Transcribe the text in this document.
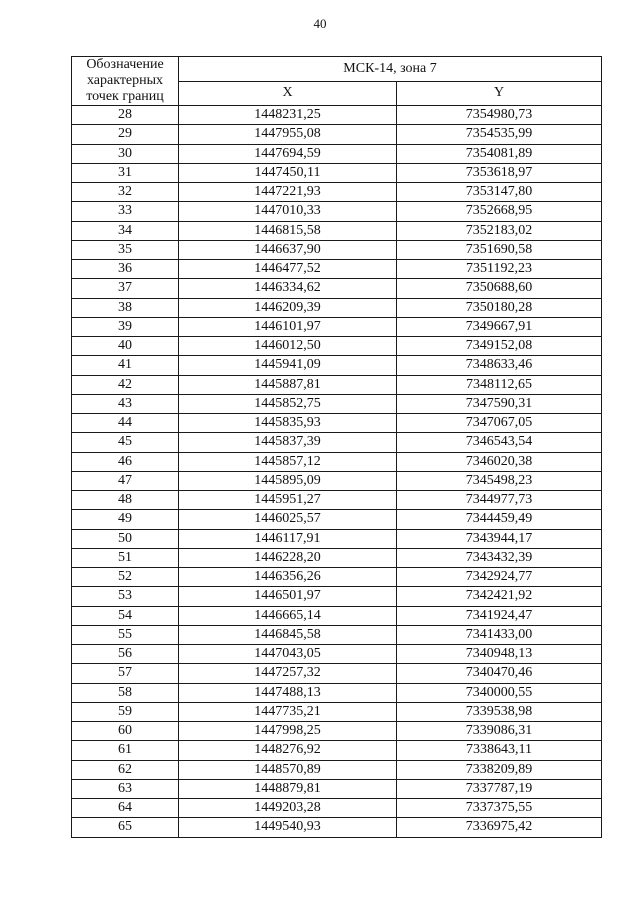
40
Обозначение характерных точек границ	МСК-14, зона 7	
	X	Y
28	1448231,25	7354980,73
29	1447955,08	7354535,99
30	1447694,59	7354081,89
31	1447450,11	7353618,97
32	1447221,93	7353147,80
33	1447010,33	7352668,95
34	1446815,58	7352183,02
35	1446637,90	7351690,58
36	1446477,52	7351192,23
37	1446334,62	7350688,60
38	1446209,39	7350180,28
39	1446101,97	7349667,91
40	1446012,50	7349152,08
41	1445941,09	7348633,46
42	1445887,81	7348112,65
43	1445852,75	7347590,31
44	1445835,93	7347067,05
45	1445837,39	7346543,54
46	1445857,12	7346020,38
47	1445895,09	7345498,23
48	1445951,27	7344977,73
49	1446025,57	7344459,49
50	1446117,91	7343944,17
51	1446228,20	7343432,39
52	1446356,26	7342924,77
53	1446501,97	7342421,92
54	1446665,14	7341924,47
55	1446845,58	7341433,00
56	1447043,05	7340948,13
57	1447257,32	7340470,46
58	1447488,13	7340000,55
59	1447735,21	7339538,98
60	1447998,25	7339086,31
61	1448276,92	7338643,11
62	1448570,89	7338209,89
63	1448879,81	7337787,19
64	1449203,28	7337375,55
65	1449540,93	7336975,42
